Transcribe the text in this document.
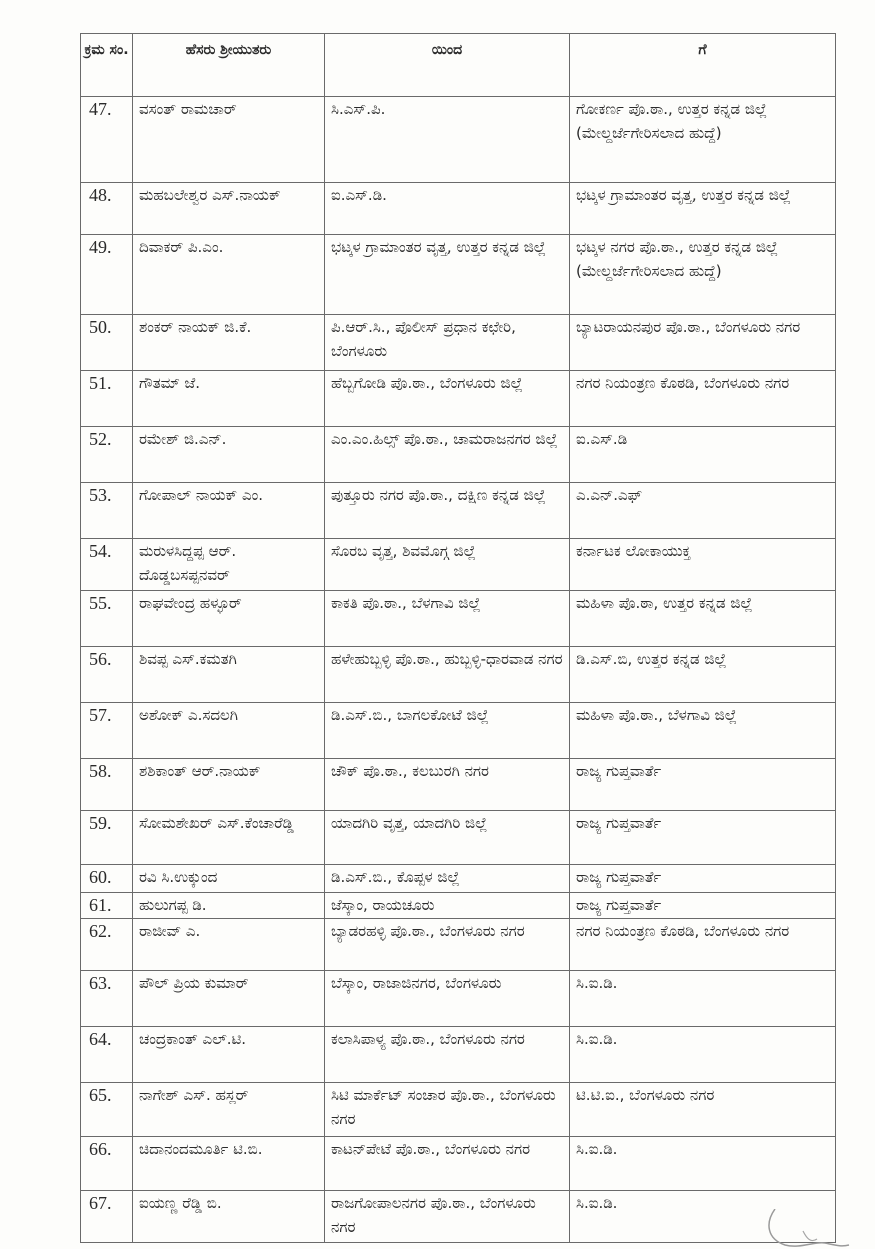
ಕ್ರಮ ಸಂ.	ಹೆಸರು ಶ್ರೀಯುತರು	ಯಿಂದ	ಗೆ
47.	ವಸಂತ್ ರಾಮಚಾರ್	ಸಿ.ಎಸ್.ಪಿ.	ಗೋಕರ್ಣ ಪೊ.ಠಾ., ಉತ್ತರ ಕನ್ನಡ ಜಿಲ್ಲೆ (ಮೇಲ್ದರ್ಜೆಗೇರಿಸಲಾದ ಹುದ್ದೆ)
48.	ಮಹಬಲೇಶ್ವರ ಎಸ್.ನಾಯಕ್	ಐ.ಎಸ್.ಡಿ.	ಭಟ್ಕಳ ಗ್ರಾಮಾಂತರ ವೃತ್ತ, ಉತ್ತರ ಕನ್ನಡ ಜಿಲ್ಲೆ
49.	ದಿವಾಕರ್ ಪಿ.ಎಂ.	ಭಟ್ಕಳ ಗ್ರಾಮಾಂತರ ವೃತ್ತ, ಉತ್ತರ ಕನ್ನಡ ಜಿಲ್ಲೆ	ಭಟ್ಕಳ ನಗರ ಪೊ.ಠಾ., ಉತ್ತರ ಕನ್ನಡ ಜಿಲ್ಲೆ (ಮೇಲ್ದರ್ಜೆಗೇರಿಸಲಾದ ಹುದ್ದೆ)
50.	ಶಂಕರ್ ನಾಯಕ್ ಜಿ.ಕೆ.	ಪಿ.ಆರ್.ಸಿ., ಪೊಲೀಸ್ ಪ್ರಧಾನ ಕಛೇರಿ, ಬೆಂಗಳೂರು	ಬ್ಯಾಟರಾಯನಪುರ ಪೊ.ಠಾ., ಬೆಂಗಳೂರು ನಗರ
51.	ಗೌತಮ್ ಜೆ.	ಹೆಬ್ಬಗೋಡಿ ಪೊ.ಠಾ., ಬೆಂಗಳೂರು ಜಿಲ್ಲೆ	ನಗರ ನಿಯಂತ್ರಣ ಕೊಠಡಿ, ಬೆಂಗಳೂರು ನಗರ
52.	ರಮೇಶ್ ಜಿ.ಎನ್.	ಎಂ.ಎಂ.ಹಿಲ್ಸ್ ಪೊ.ಠಾ., ಚಾಮರಾಜನಗರ ಜಿಲ್ಲೆ	ಐ.ಎಸ್.ಡಿ
53.	ಗೋಪಾಲ್ ನಾಯಕ್ ಎಂ.	ಪುತ್ತೂರು ನಗರ ಪೊ.ಠಾ., ದಕ್ಷಿಣ ಕನ್ನಡ ಜಿಲ್ಲೆ	ಎ.ಎನ್.ಎಫ್
54.	ಮರುಳಸಿದ್ದಪ್ಪ ಆರ್. ದೊಡ್ಡಬಸಪ್ಪನವರ್	ಸೊರಬ ವೃತ್ತ, ಶಿವಮೊಗ್ಗ ಜಿಲ್ಲೆ	ಕರ್ನಾಟಕ ಲೋಕಾಯುಕ್ತ
55.	ರಾಘವೇಂದ್ರ ಹಳ್ಳೂರ್	ಕಾಕತಿ ಪೊ.ಠಾ., ಬೆಳಗಾವಿ ಜಿಲ್ಲೆ	ಮಹಿಳಾ ಪೊ.ಠಾ, ಉತ್ತರ ಕನ್ನಡ ಜಿಲ್ಲೆ
56.	ಶಿವಪ್ಪ ಎಸ್.ಕಮತಗಿ	ಹಳೇಹುಬ್ಬಳ್ಳಿ ಪೊ.ಠಾ., ಹುಬ್ಬಳ್ಳಿ-ಧಾರವಾಡ ನಗರ	ಡಿ.ಎಸ್.ಬಿ, ಉತ್ತರ ಕನ್ನಡ ಜಿಲ್ಲೆ
57.	ಅಶೋಕ್ ಎ.ಸದಲಗಿ	ಡಿ.ಎಸ್.ಬಿ., ಬಾಗಲಕೋಟೆ ಜಿಲ್ಲೆ	ಮಹಿಳಾ ಪೊ.ಠಾ., ಬೆಳಗಾವಿ ಜಿಲ್ಲೆ
58.	ಶಶಿಕಾಂತ್ ಆರ್.ನಾಯಕ್	ಚೌಕ್ ಪೊ.ಠಾ., ಕಲಬುರಗಿ ನಗರ	ರಾಜ್ಯ ಗುಪ್ತವಾರ್ತೆ
59.	ಸೋಮಶೇಖರ್ ಎಸ್.ಕೆಂಚಾರೆಡ್ಡಿ	ಯಾದಗಿರಿ ವೃತ್ತ, ಯಾದಗಿರಿ ಜಿಲ್ಲೆ	ರಾಜ್ಯ ಗುಪ್ತವಾರ್ತೆ
60.	ರವಿ ಸಿ.ಉಕ್ಕುಂದ	ಡಿ.ಎಸ್.ಬಿ., ಕೊಪ್ಪಳ ಜಿಲ್ಲೆ	ರಾಜ್ಯ ಗುಪ್ತವಾರ್ತೆ
61.	ಹುಲುಗಪ್ಪ ಡಿ.	ಜೆಸ್ಕಾಂ, ರಾಯಚೂರು	ರಾಜ್ಯ ಗುಪ್ತವಾರ್ತೆ
62.	ರಾಜೀವ್ ಎ.	ಬ್ಯಾಡರಹಳ್ಳಿ ಪೊ.ಠಾ., ಬೆಂಗಳೂರು ನಗರ	ನಗರ ನಿಯಂತ್ರಣ ಕೊಠಡಿ, ಬೆಂಗಳೂರು ನಗರ
63.	ಪೌಲ್ ಪ್ರಿಯ ಕುಮಾರ್	ಬೆಸ್ಕಾಂ, ರಾಜಾಜಿನಗರ, ಬೆಂಗಳೂರು	ಸಿ.ಐ.ಡಿ.
64.	ಚಂದ್ರಕಾಂತ್ ಎಲ್.ಟಿ.	ಕಲಾಸಿಪಾಳ್ಯ ಪೊ.ಠಾ., ಬೆಂಗಳೂರು ನಗರ	ಸಿ.ಐ.ಡಿ.
65.	ನಾಗೇಶ್ ಎಸ್. ಹಸ್ಲರ್	ಸಿಟಿ ಮಾರ್ಕೆಟ್ ಸಂಚಾರ ಪೊ.ಠಾ., ಬೆಂಗಳೂರು ನಗರ	ಟಿ.ಟಿ.ಐ., ಬೆಂಗಳೂರು ನಗರ
66.	ಚಿದಾನಂದಮೂರ್ತಿ ಟಿ.ಬಿ.	ಕಾಟನ್‌ಪೇಟೆ ಪೊ.ಠಾ., ಬೆಂಗಳೂರು ನಗರ	ಸಿ.ಐ.ಡಿ.
67.	ಐಯಣ್ಣ ರೆಡ್ಡಿ ಬಿ.	ರಾಜಗೋಪಾಲನಗರ ಪೊ.ಠಾ., ಬೆಂಗಳೂರು ನಗರ	ಸಿ.ಐ.ಡಿ.
